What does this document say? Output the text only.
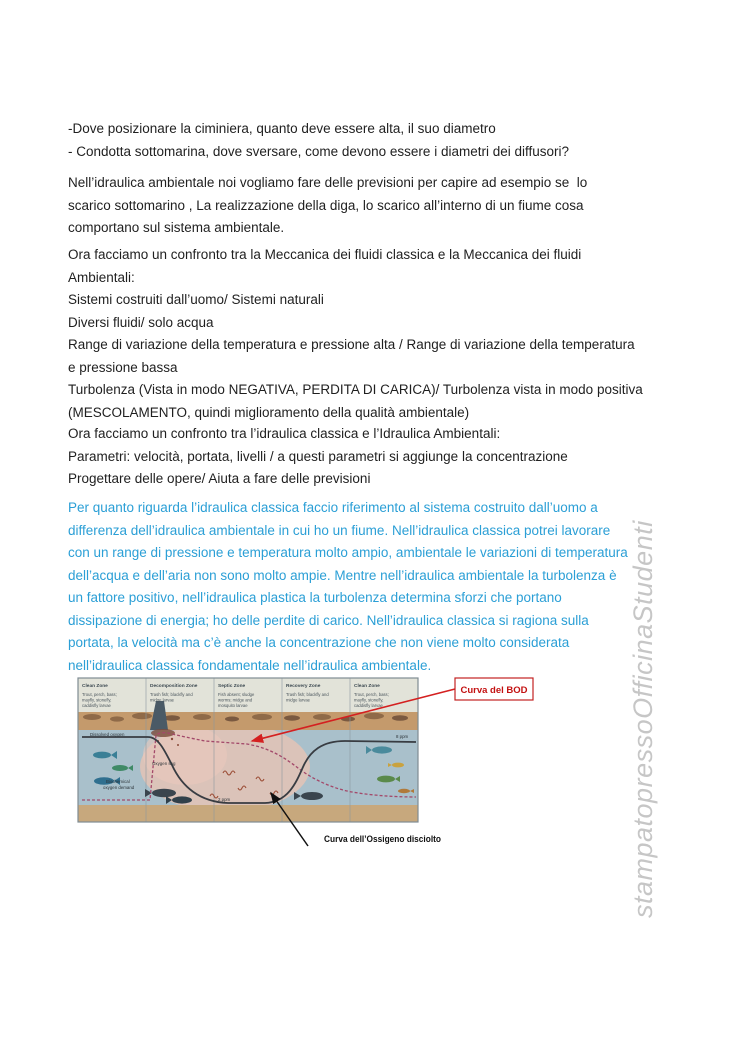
-Dove posizionare la ciminiera, quanto deve essere alta, il suo diametro
- Condotta sottomarina, dove sversare, come devono essere i diametri dei diffusori?
Nell’idraulica ambientale noi vogliamo fare delle previsioni per capire ad esempio se  lo
scarico sottomarino , La realizzazione della diga, lo scarico all’interno di un fiume cosa
comportano sul sistema ambientale.
Ora facciamo un confronto tra la Meccanica dei fluidi classica e la Meccanica dei fluidi
Ambientali:
Sistemi costruiti dall’uomo/ Sistemi naturali
Diversi fluidi/ solo acqua
Range di variazione della temperatura e pressione alta / Range di variazione della temperatura
e pressione bassa
Turbolenza (Vista in modo NEGATIVA, PERDITA DI CARICA)/ Turbolenza vista in modo positiva
(MESCOLAMENTO, quindi miglioramento della qualità ambientale)
Ora facciamo un confronto tra l’idraulica classica e l’Idraulica Ambientali:
Parametri: velocità, portata, livelli / a questi parametri si aggiunge la concentrazione
Progettare delle opere/ Aiuta a fare delle previsioni
Per quanto riguarda l’idraulica classica faccio riferimento al sistema costruito dall’uomo a
differenza dell’idraulica ambientale in cui ho un fiume. Nell’idraulica classica potrei lavorare
con un range di pressione e temperatura molto ampio, ambientale le variazioni di temperatura
dell’acqua e dell’aria non sono molto ampie. Mentre nell’idraulica ambientale la turbolenza è
un fattore positivo, nell’idraulica plastica la turbolenza determina sforzi che portano
dissipazione di energia; ho delle perdite di carico. Nell’idraulica classica si ragiona sulla
portata, la velocità ma c’è anche la concentrazione che non viene molto considerata
nell’idraulica classica fondamentale nell’idraulica ambientale.
Clean Zone	Decomposition Zone	Septic Zone	Recovery Zone	Clean Zone
Trout, perch, bass;
mayfly, stonefly,
caddisfly larvae
Trash fish; blackfly and
midge larvae
Fish absent; sludge
worms; midge and
mosquito larvae
Trash fish; blackfly and
midge larvae
Trout, perch, bass;
mayfly, stonefly,
caddisfly larvae
Dissolved oxygen
Oxygen sag
Biochemical
oxygen demand
2 ppm
8 ppm
Curva del BOD
Curva dell’Ossigeno disciolto	stampatopressoOfficinaStudenti
